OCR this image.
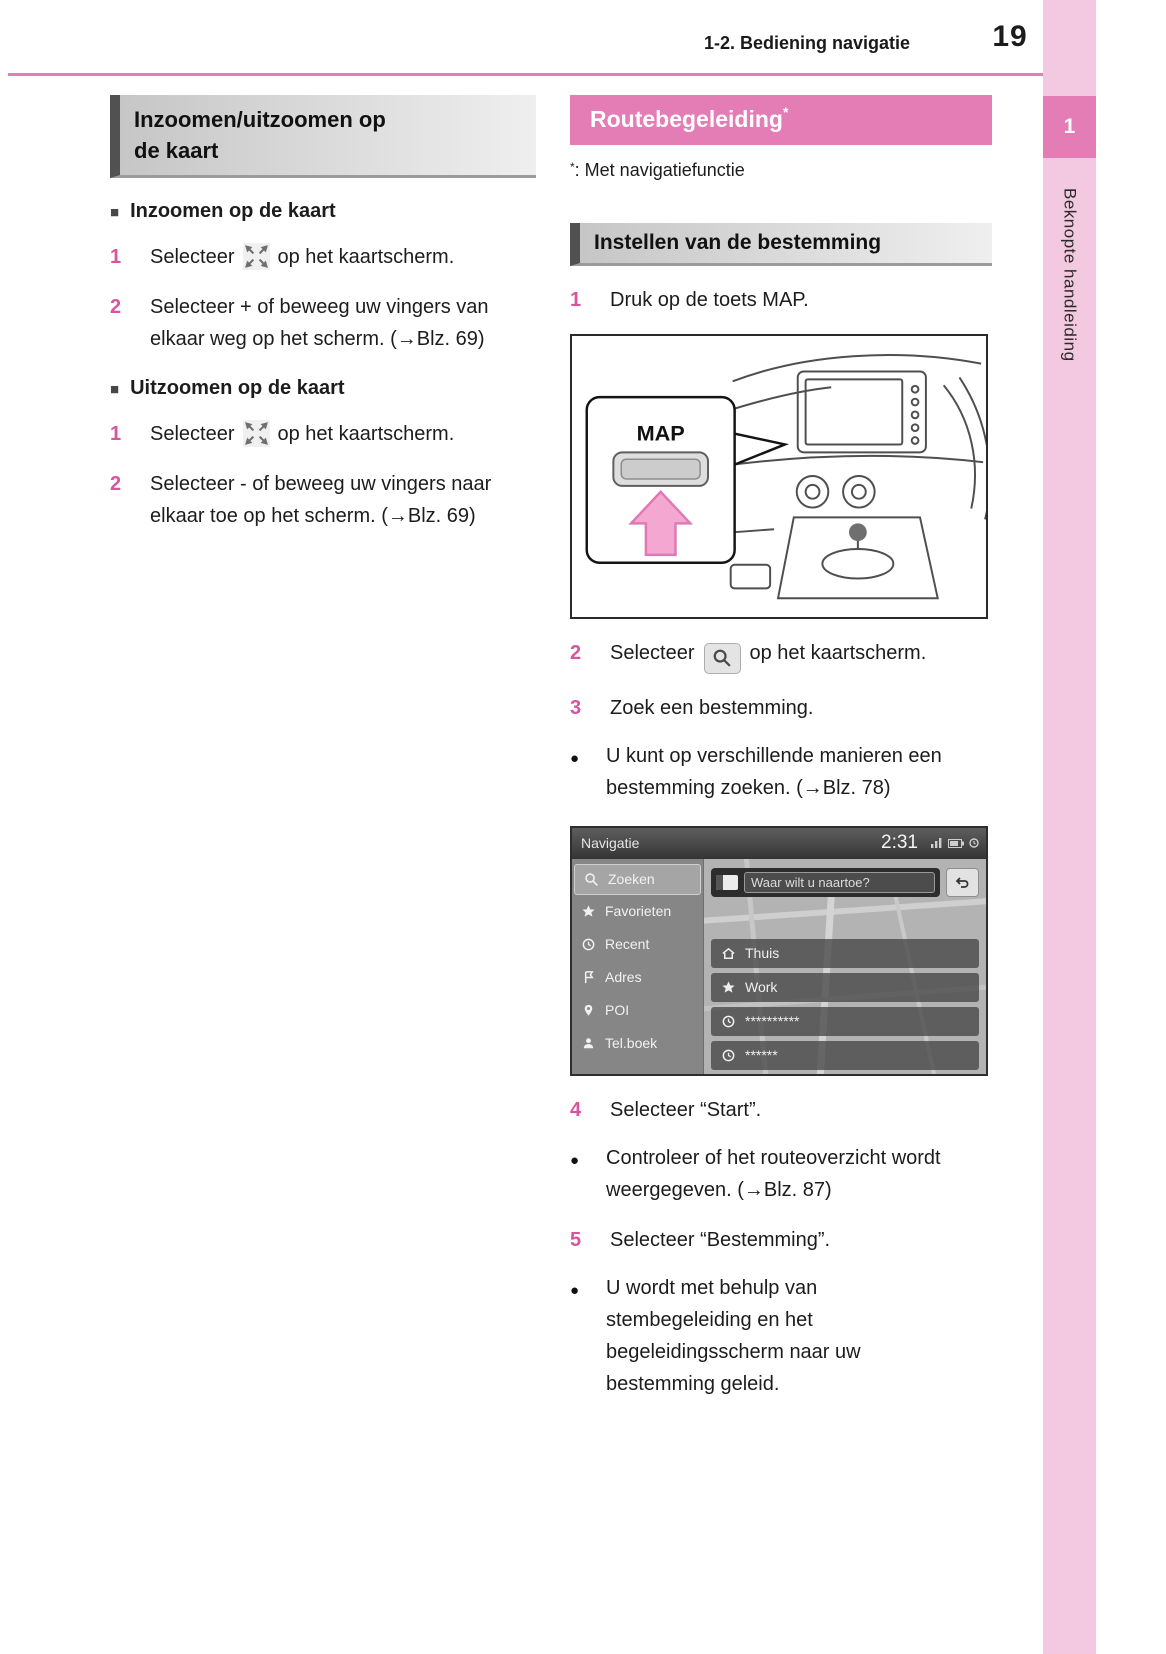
1-2. Bediening navigatie	19
1
Beknopte handleiding
Inzoomen/uitzoomen op
de kaart
■ Inzoomen op de kaart
1	Selecteer op het kaartscherm.
2	Selecteer + of beweeg uw vingers van elkaar weg op het scherm. (→Blz. 69)
■ Uitzoomen op de kaart
1	Selecteer op het kaartscherm.
2	Selecteer - of beweeg uw vingers naar elkaar toe op het scherm. (→Blz. 69)
Routebegeleiding*
*: Met navigatiefunctie
Instellen van de bestemming
1	Druk op de toets MAP.
MAP
2	Selecteer	op het kaartscherm.
3	Zoek een bestemming.
●	U kunt op verschillende manieren een bestemming zoeken. (→Blz. 78)
Navigatie	2:31
Zoeken
Favorieten
Recent
Adres
POI
Tel.boek
Waar wilt u naartoe?
Thuis
Work
**********
******
4	Selecteer “Start”.
●	Controleer of het routeoverzicht wordt weergegeven. (→Blz. 87)
5	Selecteer “Bestemming”.
●	U wordt met behulp van stembegeleiding en het begeleidingsscherm naar uw bestemming geleid.
